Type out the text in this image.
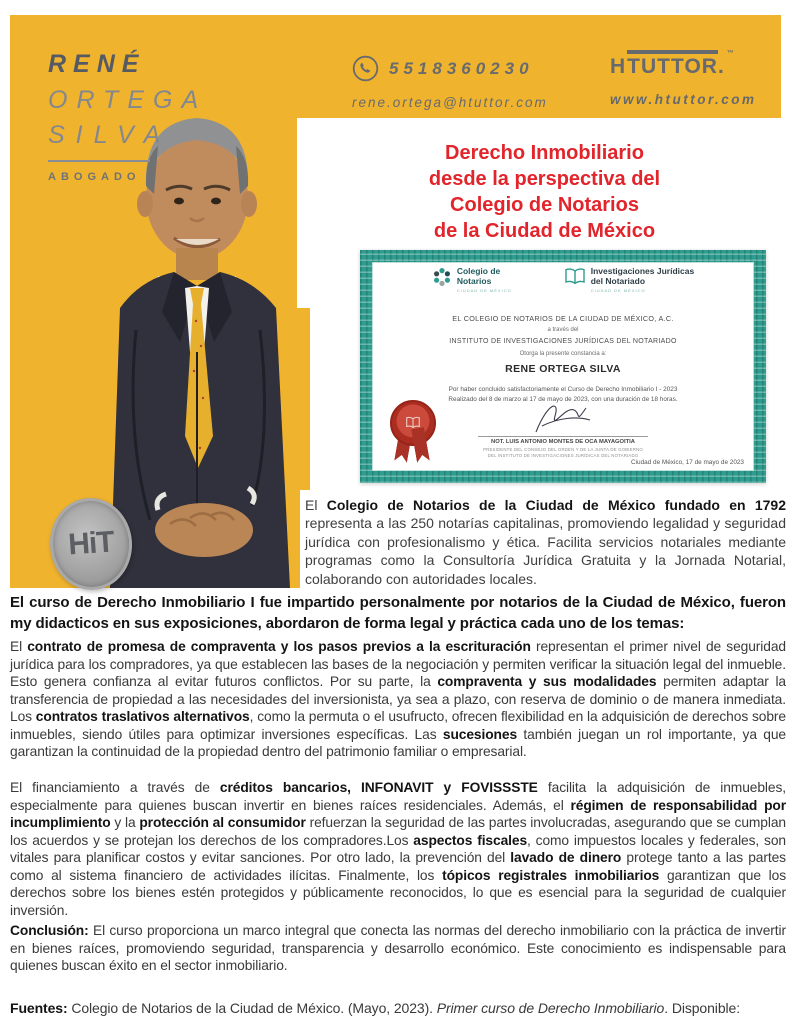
HiT
RENÉ
ORTEGA
SILVA
ABOGADO
5518360230
rene.ortega@htuttor.com
H TUTTOR .
™
www.htuttor.com
Derecho Inmobiliario
desde la perspectiva del
Colegio de Notarios
de la Ciudad de México
Colegio de
Notarios
CIUDAD DE MÉXICO
Investigaciones Jurídicas
del Notariado
CIUDAD DE MÉXICO
EL COLEGIO DE NOTARIOS DE LA CIUDAD DE MÉXICO, A.C.
a través del
INSTITUTO DE INVESTIGACIONES JURÍDICAS DEL NOTARIADO
Otorga la presente constancia a:
RENE ORTEGA SILVA
Por haber concluido satisfactoriamente el Curso de Derecho Inmobiliario I - 2023
Realizado del 8 de marzo al 17 de mayo de 2023, con una duración de 18 horas.
NOT. LUIS ANTONIO MONTES DE OCA MAYAGOITIA
PRESIDENTE DEL CONSEJO DEL ORDEN Y DE LA JUNTA DE GOBIERNO
DEL INSTITUTO DE INVESTIGACIONES JURÍDICAS DEL NOTARIADO
Ciudad de México, 17 de mayo de 2023

El Colegio de Notarios de la Ciudad de México fundado en 1792 representa a las 250 notarías capitalinas, promoviendo legalidad y seguridad jurídica con profesionalismo y ética. Facilita servicios notariales mediante programas como la Consultoría Jurídica Gratuita y la Jornada Notarial, colaborando con autoridades locales.

El curso de Derecho Inmobiliario I fue impartido personalmente por notarios de la Ciudad de México, fueron my didacticos en sus exposiciones, abordaron de forma legal y práctica cada uno de los temas:

El contrato de promesa de compraventa y los pasos previos a la escrituración representan el primer nivel de seguridad jurídica para los compradores, ya que establecen las bases de la negociación y permiten verificar la situación legal del inmueble. Esto genera confianza al evitar futuros conflictos. Por su parte, la compraventa y sus modalidades permiten adaptar la transferencia de propiedad a las necesidades del inversionista, ya sea a plazo, con reserva de dominio o de manera inmediata. Los contratos traslativos alternativos, como la permuta o el usufructo, ofrecen flexibilidad en la adquisición de derechos sobre inmuebles, siendo útiles para optimizar inversiones específicas. Las sucesiones también juegan un rol importante, ya que garantizan la continuidad de la propiedad dentro del patrimonio familiar o empresarial.

El financiamiento a través de créditos bancarios, INFONAVIT y FOVISSSTE facilita la adquisición de inmuebles, especialmente para quienes buscan invertir en bienes raíces residenciales. Además, el régimen de responsabilidad por incumplimiento y la protección al consumidor refuerzan la seguridad de las partes involucradas, asegurando que se cumplan los acuerdos y se protejan los derechos de los compradores.Los aspectos fiscales, como impuestos locales y federales, son vitales para planificar costos y evitar sanciones. Por otro lado, la prevención del lavado de dinero protege tanto a las partes como al sistema financiero de actividades ilícitas. Finalmente, los tópicos registrales inmobiliarios garantizan que los derechos sobre los bienes estén protegidos y públicamente reconocidos, lo que es esencial para la seguridad de cualquier inversión.

Conclusión: El curso proporciona un marco integral que conecta las normas del derecho inmobiliario con la práctica de invertir en bienes raíces, promoviendo seguridad, transparencia y desarrollo económico. Este conocimiento es indispensable para quienes buscan éxito en el sector inmobiliario.

Fuentes: Colegio de Notarios de la Ciudad de México. (Mayo, 2023). Primer curso de Derecho Inmobiliario. Disponible:
